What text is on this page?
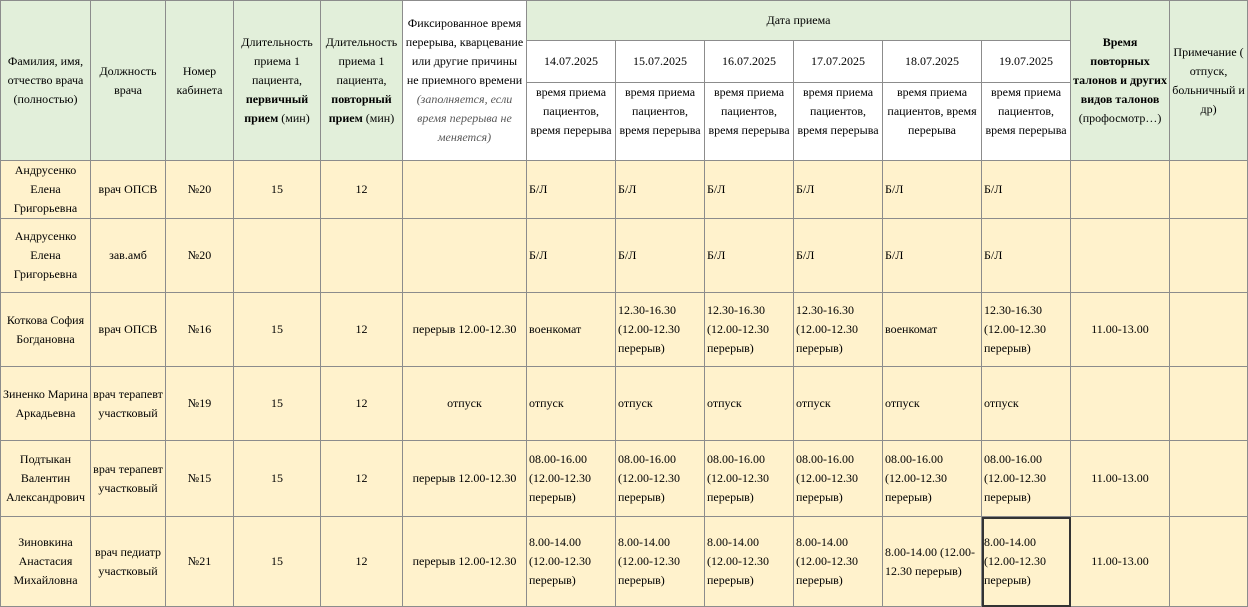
Фамилия, имя, отчество врача (полностью)	Должность врача	Номер кабинета	Длительность приема 1 пациента, первичный прием (мин)	Длительность приема 1 пациента, повторный прием (мин)	Фиксированное время перерыва, кварцевание или другие причины не приемного времени (заполняется, если время перерыва не меняется)	Дата приема						Время повторных талонов и других видов талонов (профосмотр…)	Примечание ( отпуск, больничный и др)
						14.07.2025	15.07.2025	16.07.2025	17.07.2025	18.07.2025	19.07.2025		
						время приема пациентов, время перерыва	время приема пациентов, время перерыва	время приема пациентов, время перерыва	время приема пациентов, время перерыва	время приема пациентов, время перерыва	время приема пациентов, время перерыва		
Андрусенко Елена Григорьевна	врач ОПСВ	№20	15	12		Б/Л	Б/Л	Б/Л	Б/Л	Б/Л	Б/Л		
Андрусенко Елена Григорьевна	зав.амб	№20				Б/Л	Б/Л	Б/Л	Б/Л	Б/Л	Б/Л		
Коткова София Богдановна	врач ОПСВ	№16	15	12	перерыв 12.00-12.30	военкомат	12.30-16.30 (12.00-12.30 перерыв)	12.30-16.30 (12.00-12.30 перерыв)	12.30-16.30 (12.00-12.30 перерыв)	военкомат	12.30-16.30 (12.00-12.30 перерыв)	11.00-13.00	
Зиненко Марина Аркадьевна	врач терапевт участковый	№19	15	12	отпуск	отпуск	отпуск	отпуск	отпуск	отпуск	отпуск		
Подтыкан Валентин Александрович	врач терапевт участковый	№15	15	12	перерыв 12.00-12.30	08.00-16.00 (12.00-12.30 перерыв)	08.00-16.00 (12.00-12.30 перерыв)	08.00-16.00 (12.00-12.30 перерыв)	08.00-16.00 (12.00-12.30 перерыв)	08.00-16.00 (12.00-12.30 перерыв)	08.00-16.00 (12.00-12.30 перерыв)	11.00-13.00	
Зиновкина Анастасия Михайловна	врач педиатр участковый	№21	15	12	перерыв 12.00-12.30	8.00-14.00 (12.00-12.30 перерыв)	8.00-14.00 (12.00-12.30 перерыв)	8.00-14.00 (12.00-12.30 перерыв)	8.00-14.00 (12.00-12.30 перерыв)	8.00-14.00 (12.00-12.30 перерыв)	8.00-14.00 (12.00-12.30 перерыв)	11.00-13.00	
